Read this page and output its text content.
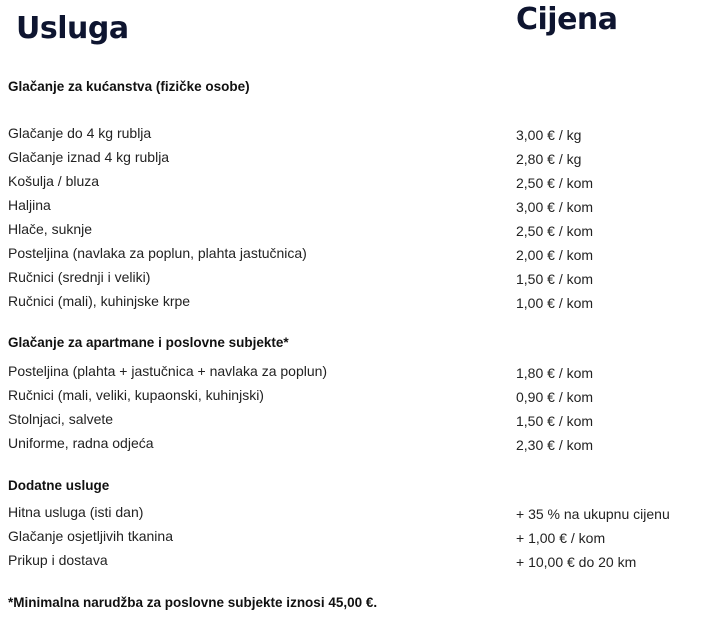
Usluga	Cijena
Glačanje za kućanstva (fizičke osobe)
Glačanje do 4 kg rublja	3,00 € / kg
Glačanje iznad 4 kg rublja	2,80 € / kg
Košulja / bluza	2,50 € / kom
Haljina	3,00 € / kom
Hlače, suknje	2,50 € / kom
Posteljina (navlaka za poplun, plahta jastučnica)	2,00 € / kom
Ručnici (srednji i veliki)	1,50 € / kom
Ručnici (mali), kuhinjske krpe	1,00 € / kom
Glačanje za apartmane i poslovne subjekte*
Posteljina (plahta + jastučnica + navlaka za poplun)	1,80 € / kom
Ručnici (mali, veliki, kupaonski, kuhinjski)	0,90 € / kom
Stolnjaci, salvete	1,50 € / kom
Uniforme, radna odjeća	2,30 € / kom
Dodatne usluge
Hitna usluga (isti dan)	+ 35 % na ukupnu cijenu
Glačanje osjetljivih tkanina	+ 1,00 € / kom
Prikup i dostava	+ 10,00 € do 20 km

*Minimalna narudžba za poslovne subjekte iznosi 45,00 €.
